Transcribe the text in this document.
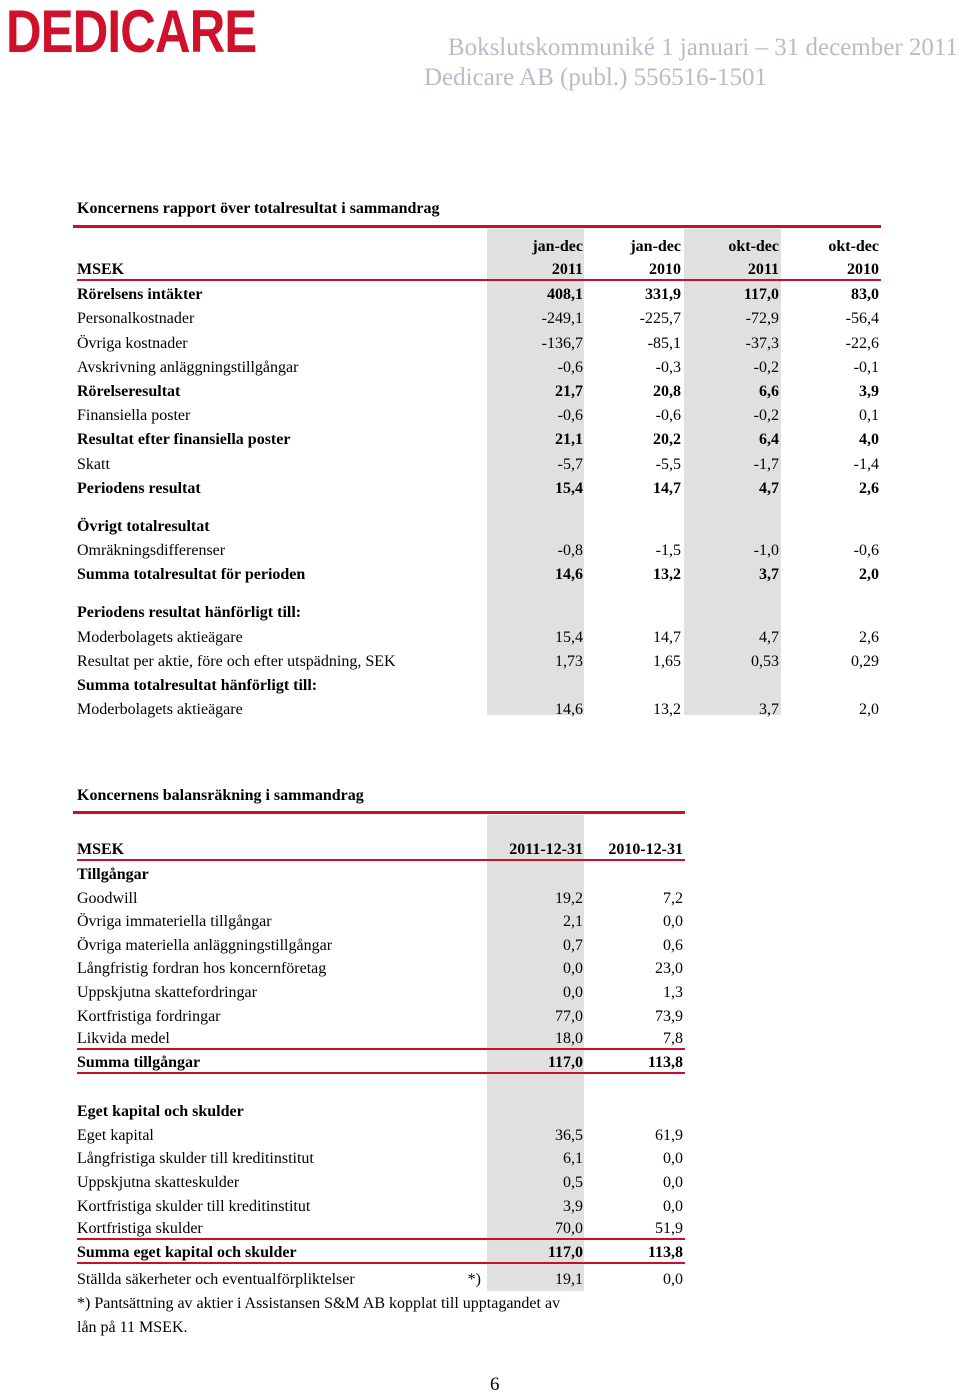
DEDICARE	Bokslutskommuniké 1 januari – 31 december 2011
Dedicare AB (publ.) 556516-1501
Koncernens rapport över totalresultat i sammandrag
	jan-dec	jan-dec	okt-dec	okt-dec
MSEK	2011	2010	2011	2010
Rörelsens intäkter	408,1	331,9	117,0	83,0
Personalkostnader	-249,1	-225,7	-72,9	-56,4
Övriga kostnader	-136,7	-85,1	-37,3	-22,6
Avskrivning anläggningstillgångar	-0,6	-0,3	-0,2	-0,1
Rörelseresultat	21,7	20,8	6,6	3,9
Finansiella poster	-0,6	-0,6	-0,2	0,1
Resultat efter finansiella poster	21,1	20,2	6,4	4,0
Skatt	-5,7	-5,5	-1,7	-1,4
Periodens resultat	15,4	14,7	4,7	2,6

Övrigt totalresultat				
Omräkningsdifferenser	-0,8	-1,5	-1,0	-0,6
Summa totalresultat för perioden	14,6	13,2	3,7	2,0

Periodens resultat hänförligt till:				
Moderbolagets aktieägare	15,4	14,7	4,7	2,6
Resultat per aktie, före och efter utspädning, SEK	1,73	1,65	0,53	0,29
Summa totalresultat hänförligt till:				
Moderbolagets aktieägare	14,6	13,2	3,7	2,0
Koncernens balansräkning i sammandrag
MSEK		2011-12-31	2010-12-31
Tillgångar			
Goodwill		19,2	7,2
Övriga immateriella tillgångar		2,1	0,0
Övriga materiella anläggningstillgångar		0,7	0,6
Långfristig fordran hos koncernföretag		0,0	23,0
Uppskjutna skattefordringar		0,0	1,3
Kortfristiga fordringar		77,0	73,9
Likvida medel		18,0	7,8
Summa tillgångar		117,0	113,8

Eget kapital och skulder			
Eget kapital		36,5	61,9
Långfristiga skulder till kreditinstitut		6,1	0,0
Uppskjutna skatteskulder		0,5	0,0
Kortfristiga skulder till kreditinstitut		3,9	0,0
Kortfristiga skulder		70,0	51,9
Summa eget kapital och skulder		117,0	113,8
Ställda säkerheter och eventualförpliktelser	*)	19,1	0,0
*) Pantsättning av aktier i Assistansen S&M AB kopplat till upptagandet av			
lån på 11 MSEK.			
6
